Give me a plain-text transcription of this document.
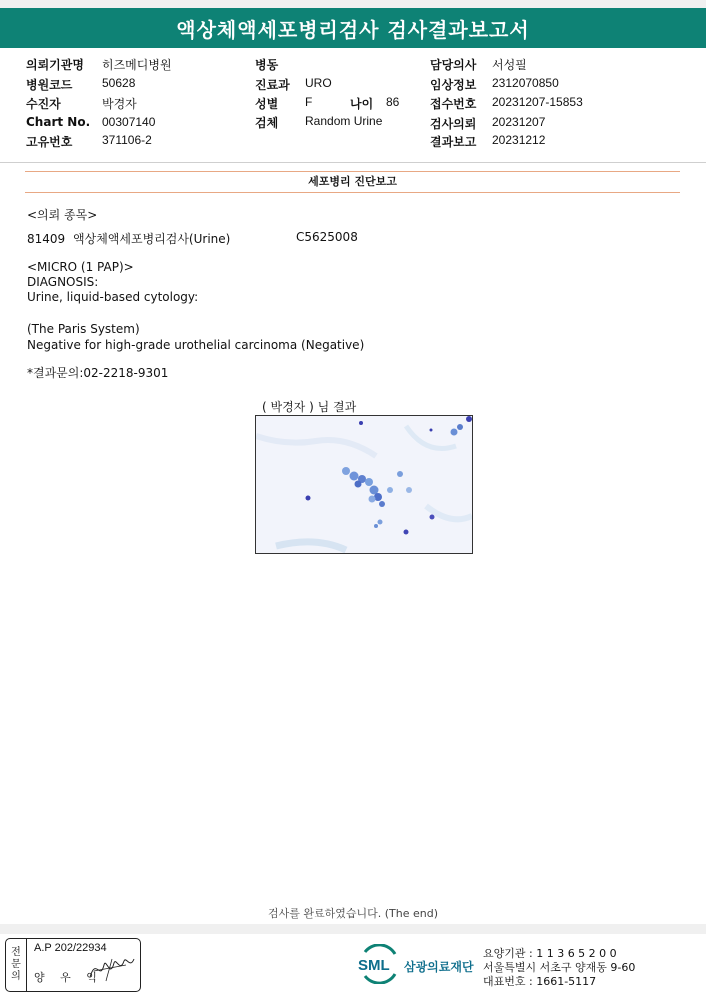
액상체액세포병리검사 검사결과보고서
의뢰기관명 히즈메디병원
병원코드 50628
수진자	박경자
Chart No. 00307140
고유번호 371106-2
병동
진료과 URO
성별 F	나이 86
검체 Random Urine
담당의사 서성필
임상정보 2312070850
접수번호 20231207-15853
검사의뢰 20231207
결과보고 20231212
세포병리 진단보고
<의뢰 종목>
81409 액상체액세포병리검사(Urine)	C5625008
<MICRO (1 PAP)>
DIAGNOSIS:
Urine, liquid-based cytology:
(The Paris System)
Negative for high-grade urothelial carcinoma (Negative)
*결과문의:02-2218-9301
( 박경자 ) 님 결과
검사를 완료하였습니다. (The end)
전
문
의
A.P 202/22934
양 우 익
SML 삼광의료재단
요양기관 : 1 1 3 6 5 2 0 0
서울특별시 서초구 양재동 9-60
대표번호 : 1661-5117
